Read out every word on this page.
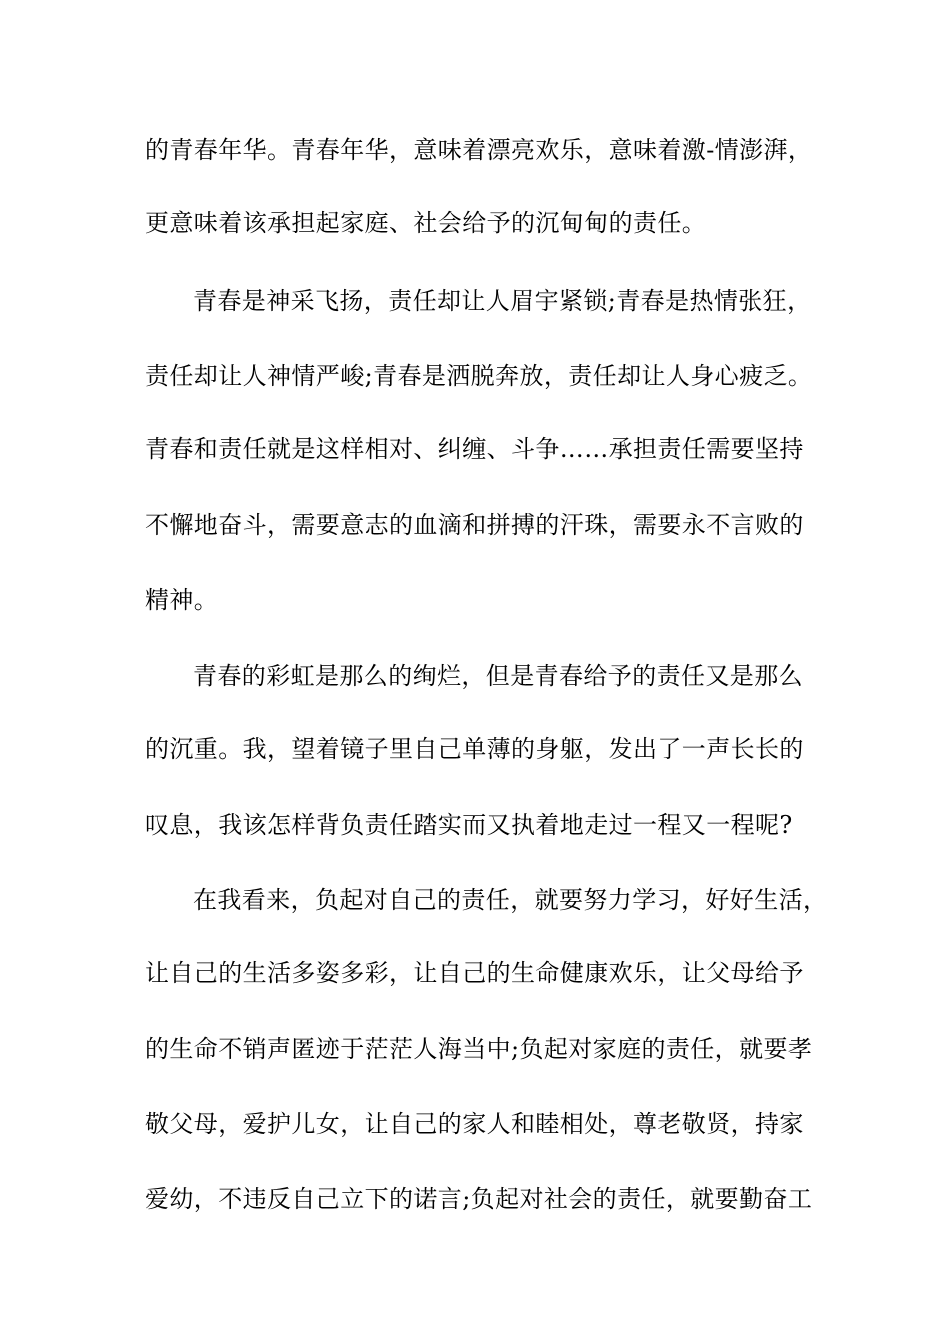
的青春年华。青春年华，意味着漂亮欢乐，意味着激-情澎湃，
更意味着该承担起家庭、社会给予的沉甸甸的责任。
青春是神采飞扬，责任却让人眉宇紧锁;青春是热情张狂，
责任却让人神情严峻;青春是洒脱奔放，责任却让人身心疲乏。
青春和责任就是这样相对、纠缠、斗争……承担责任需要坚持
不懈地奋斗，需要意志的血滴和拼搏的汗珠，需要永不言败的
精神。
青春的彩虹是那么的绚烂，但是青春给予的责任又是那么
的沉重。我，望着镜子里自己单薄的身躯，发出了一声长长的
叹息，我该怎样背负责任踏实而又执着地走过一程又一程呢?
在我看来，负起对自己的责任，就要努力学习，好好生活，
让自己的生活多姿多彩，让自己的生命健康欢乐，让父母给予
的生命不销声匿迹于茫茫人海当中;负起对家庭的责任，就要孝
敬父母，爱护儿女，让自己的家人和睦相处，尊老敬贤，持家
爱幼，不违反自己立下的诺言;负起对社会的责任，就要勤奋工
